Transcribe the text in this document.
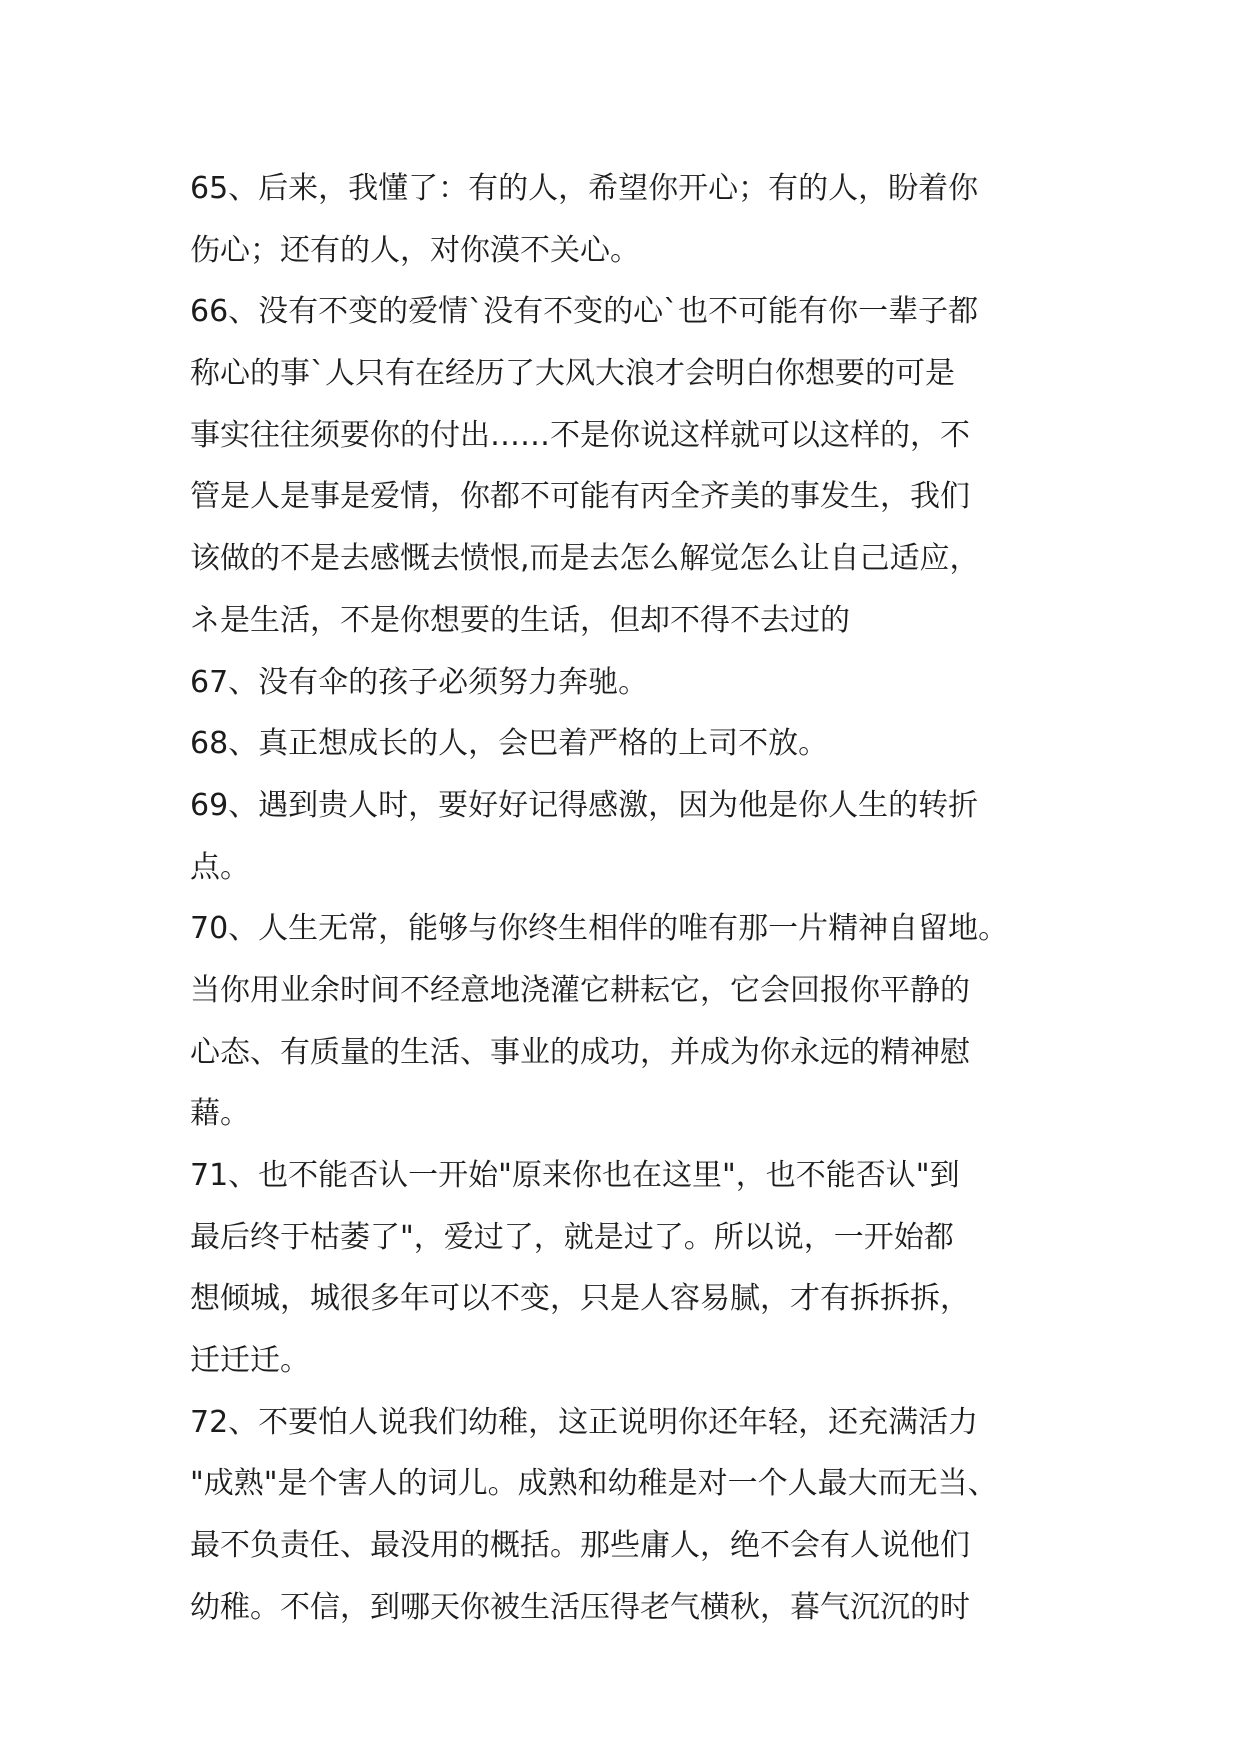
65、后来，我懂了：有的人，希望你开心；有的人，盼着你
伤心；还有的人，对你漠不关心。
66、没有不变的爱情`没有不变的心`也不可能有你一辈子都
称心的事`人只有在经历了大风大浪才会明白你想要的可是
事实往往须要你的付出……不是你说这样就可以这样的，不
管是人是事是爱情，你都不可能有丙全齐美的事发生，我们
该做的不是去感慨去愤恨,而是去怎么解觉怎么让自己适应，
ネ是生活，不是你想要的生话，但却不得不去过的
67、没有伞的孩子必须努力奔驰。
68、真正想成长的人，会巴着严格的上司不放。
69、遇到贵人时，要好好记得感激，因为他是你人生的转折
点。
70、人生无常，能够与你终生相伴的唯有那一片精神自留地。
当你用业余时间不经意地浇灌它耕耘它，它会回报你平静的
心态、有质量的生活、事业的成功，并成为你永远的精神慰
藉。
71、也不能否认一开始"原来你也在这里"，也不能否认"到
最后终于枯萎了"，爱过了，就是过了。所以说，一开始都
想倾城，城很多年可以不变，只是人容易腻，才有拆拆拆，
迁迁迁。
72、不要怕人说我们幼稚，这正说明你还年轻，还充满活力
"成熟"是个害人的词儿。成熟和幼稚是对一个人最大而无当、
最不负责任、最没用的概括。那些庸人，绝不会有人说他们
幼稚。不信，到哪天你被生活压得老气横秋，暮气沉沉的时
